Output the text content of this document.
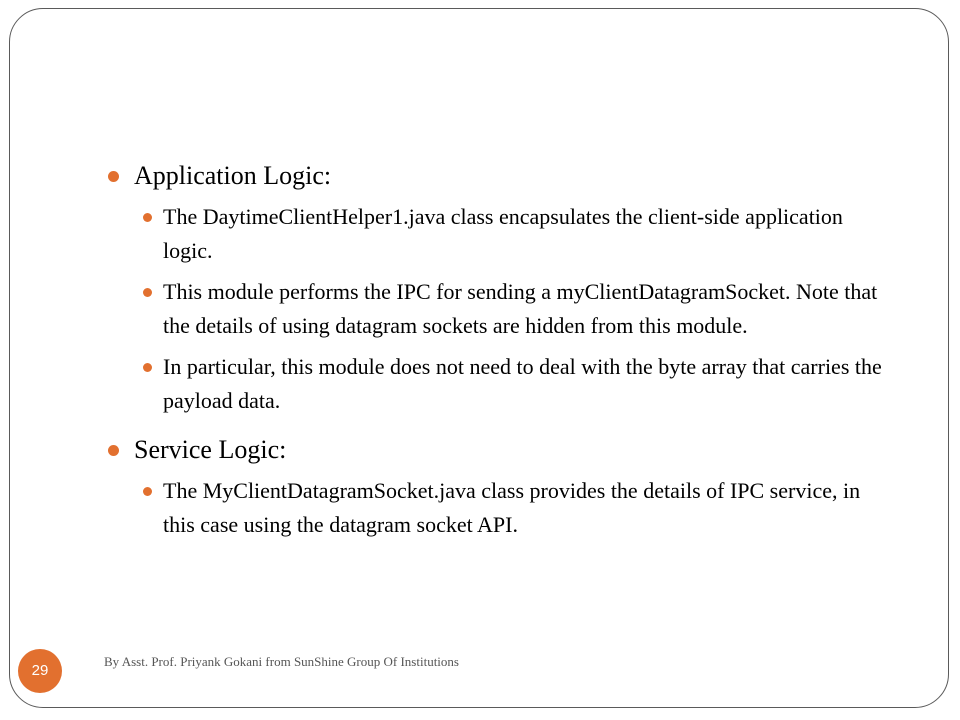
Application Logic:
The DaytimeClientHelper1.java class encapsulates the client-side application logic.
This module performs the IPC for sending a myClientDatagramSocket. Note that the details of using datagram sockets are hidden from this module.
In particular, this module does not need to deal with the byte array that carries the payload data.
Service Logic:
The MyClientDatagramSocket.java class provides the details of IPC service, in this case using the datagram socket API.
29
By Asst. Prof. Priyank Gokani from SunShine Group Of Institutions
